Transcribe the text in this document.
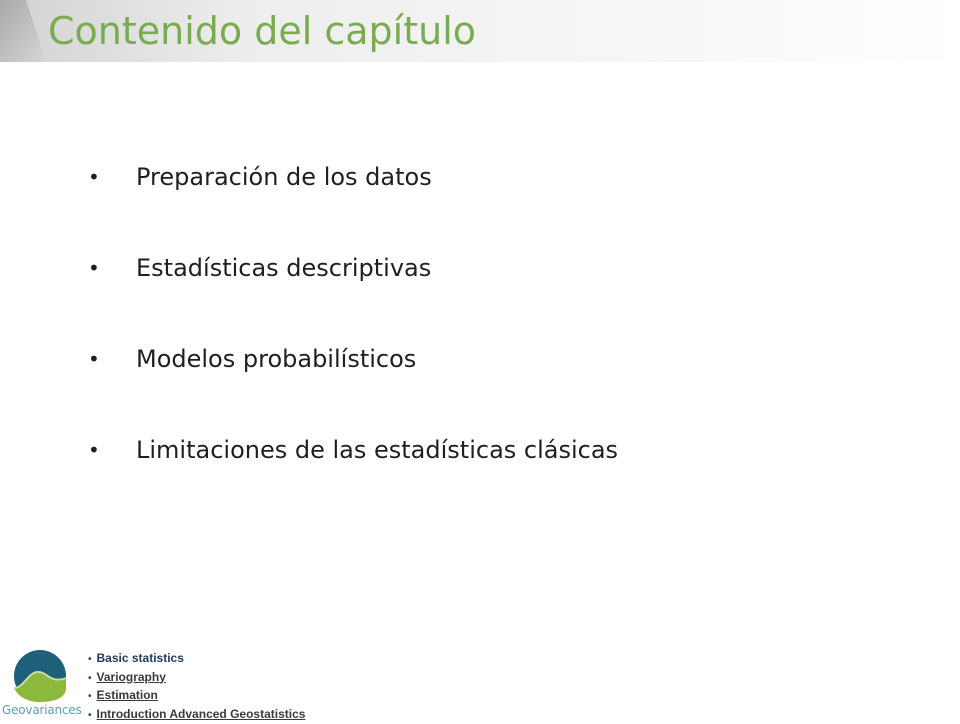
Contenido del capítulo
•	Preparación de los datos
•	Estadísticas descriptivas
•	Modelos probabilísticos
•	Limitaciones de las estadísticas clásicas
Geovariances
• Basic statistics
• Variography
• Estimation
• Introduction Advanced Geostatistics
